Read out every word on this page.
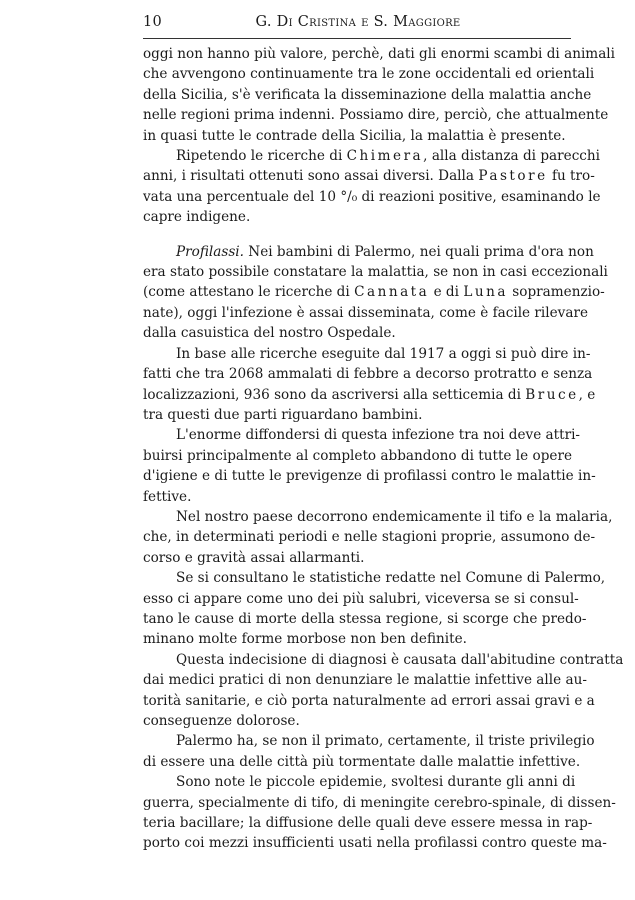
10	G. Di Cristina e S. Maggiore
oggi non hanno più valore, perchè, dati gli enormi scambi di animali
che avvengono continuamente tra le zone occidentali ed orientali
della Sicilia, s'è verificata la disseminazione della malattia anche
nelle regioni prima indenni. Possiamo dire, perciò, che attualmente
in quasi tutte le contrade della Sicilia, la malattia è presente.
Ripetendo le ricerche di Chimera, alla distanza di parecchi
anni, i risultati ottenuti sono assai diversi. Dalla Pastore fu tro-
vata una percentuale del 10 °/₀ di reazioni positive, esaminando le
capre indigene.
Profilassi. Nei bambini di Palermo, nei quali prima d'ora non
era stato possibile constatare la malattia, se non in casi eccezionali
(come attestano le ricerche di Cannata e di Luna sopramenzio-
nate), oggi l'infezione è assai disseminata, come è facile rilevare
dalla casuistica del nostro Ospedale.
In base alle ricerche eseguite dal 1917 a oggi si può dire in-
fatti che tra 2068 ammalati di febbre a decorso protratto e senza
localizzazioni, 936 sono da ascriversi alla setticemia di Bruce, e
tra questi due parti riguardano bambini.
L'enorme diffondersi di questa infezione tra noi deve attri-
buirsi principalmente al completo abbandono di tutte le opere
d'igiene e di tutte le previgenze di profilassi contro le malattie in-
fettive.
Nel nostro paese decorrono endemicamente il tifo e la malaria,
che, in determinati periodi e nelle stagioni proprie, assumono de-
corso e gravità assai allarmanti.
Se si consultano le statistiche redatte nel Comune di Palermo,
esso ci appare come uno dei più salubri, viceversa se si consul-
tano le cause di morte della stessa regione, si scorge che predo-
minano molte forme morbose non ben definite.
Questa indecisione di diagnosi è causata dall'abitudine contratta
dai medici pratici di non denunziare le malattie infettive alle au-
torità sanitarie, e ciò porta naturalmente ad errori assai gravi e a
conseguenze dolorose.
Palermo ha, se non il primato, certamente, il triste privilegio
di essere una delle città più tormentate dalle malattie infettive.
Sono note le piccole epidemie, svoltesi durante gli anni di
guerra, specialmente di tifo, di meningite cerebro-spinale, di dissen-
teria bacillare; la diffusione delle quali deve essere messa in rap-
porto coi mezzi insufficienti usati nella profilassi contro queste ma-
